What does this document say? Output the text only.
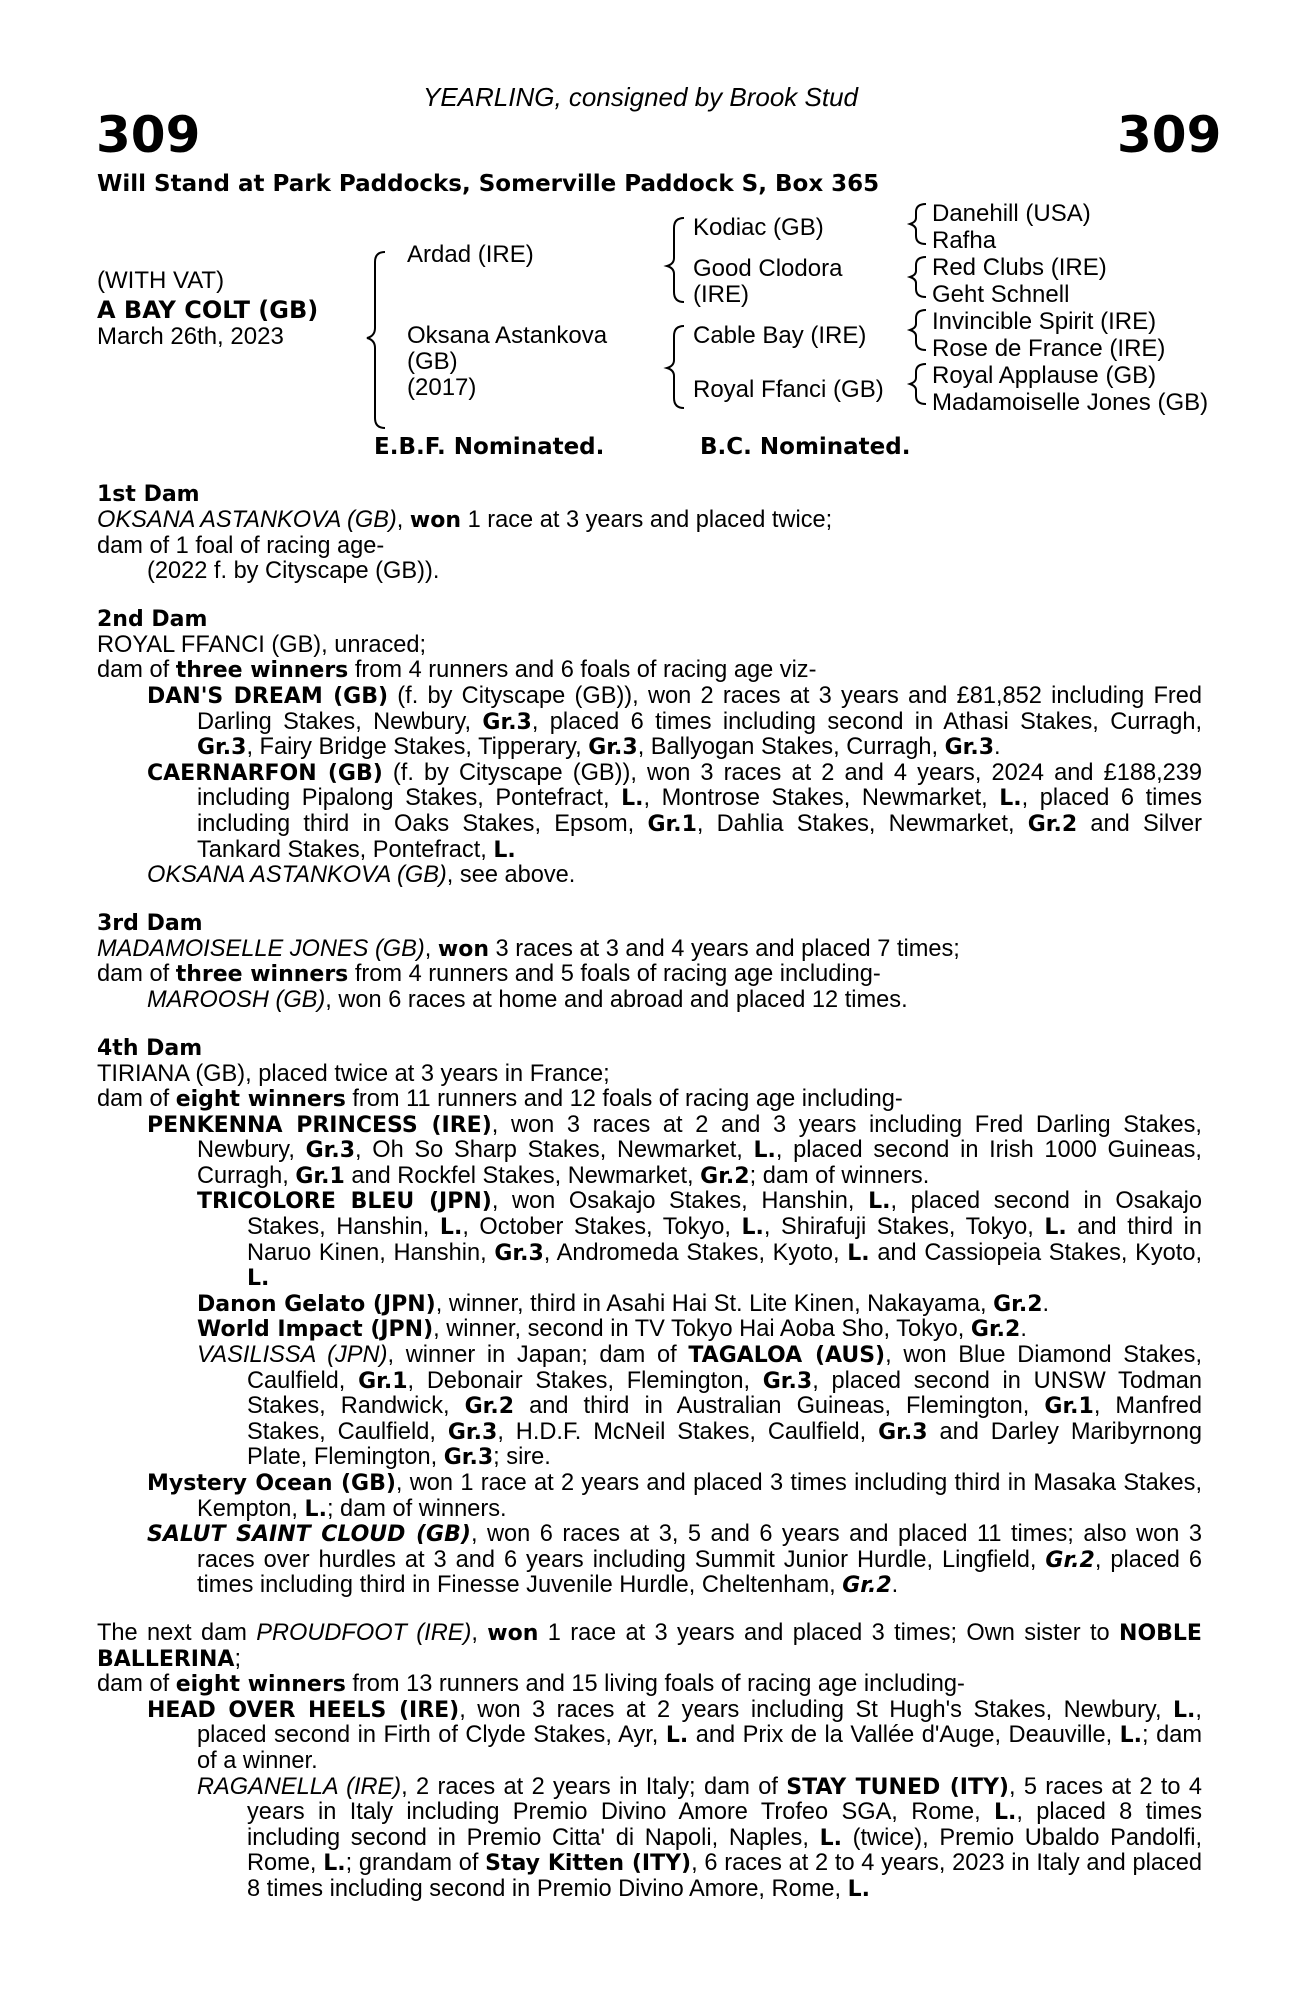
YEARLING, consigned by Brook Stud
309	309
Will Stand at Park Paddocks, Somerville Paddock S, Box 365
(WITH VAT)
A BAY COLT (GB)
March 26th, 2023
Ardad (IRE)
Oksana Astankova
(GB)
(2017)
Kodiac (GB)
Good Clodora
(IRE)
Cable Bay (IRE)
Royal Ffanci (GB)
Danehill (USA)
Rafha
Red Clubs (IRE)
Geht Schnell
Invincible Spirit (IRE)
Rose de France (IRE)
Royal Applause (GB)
Madamoiselle Jones (GB)
E.B.F. Nominated.	B.C. Nominated.
1st Dam
OKSANA ASTANKOVA (GB), won 1 race at 3 years and placed twice;
dam of 1 foal of racing age-
(2022 f. by Cityscape (GB)).
2nd Dam
ROYAL FFANCI (GB), unraced;
dam of three winners from 4 runners and 6 foals of racing age viz-
DAN'S DREAM (GB) (f. by Cityscape (GB)), won 2 races at 3 years and £81,852 including Fred Darling Stakes, Newbury, Gr.3, placed 6 times including second in Athasi Stakes, Curragh, Gr.3, Fairy Bridge Stakes, Tipperary, Gr.3, Ballyogan Stakes, Curragh, Gr.3.
CAERNARFON (GB) (f. by Cityscape (GB)), won 3 races at 2 and 4 years, 2024 and £188,239 including Pipalong Stakes, Pontefract, L., Montrose Stakes, Newmarket, L., placed 6 times including third in Oaks Stakes, Epsom, Gr.1, Dahlia Stakes, Newmarket, Gr.2 and Silver Tankard Stakes, Pontefract, L.
OKSANA ASTANKOVA (GB), see above.
3rd Dam
MADAMOISELLE JONES (GB), won 3 races at 3 and 4 years and placed 7 times;
dam of three winners from 4 runners and 5 foals of racing age including-
MAROOSH (GB), won 6 races at home and abroad and placed 12 times.
4th Dam
TIRIANA (GB), placed twice at 3 years in France;
dam of eight winners from 11 runners and 12 foals of racing age including-
PENKENNA PRINCESS (IRE), won 3 races at 2 and 3 years including Fred Darling Stakes, Newbury, Gr.3, Oh So Sharp Stakes, Newmarket, L., placed second in Irish 1000 Guineas, Curragh, Gr.1 and Rockfel Stakes, Newmarket, Gr.2; dam of winners.
TRICOLORE BLEU (JPN), won Osakajo Stakes, Hanshin, L., placed second in Osakajo Stakes, Hanshin, L., October Stakes, Tokyo, L., Shirafuji Stakes, Tokyo, L. and third in Naruo Kinen, Hanshin, Gr.3, Andromeda Stakes, Kyoto, L. and Cassiopeia Stakes, Kyoto, L.
Danon Gelato (JPN), winner, third in Asahi Hai St. Lite Kinen, Nakayama, Gr.2.
World Impact (JPN), winner, second in TV Tokyo Hai Aoba Sho, Tokyo, Gr.2.
VASILISSA (JPN), winner in Japan; dam of TAGALOA (AUS), won Blue Diamond Stakes, Caulfield, Gr.1, Debonair Stakes, Flemington, Gr.3, placed second in UNSW Todman Stakes, Randwick, Gr.2 and third in Australian Guineas, Flemington, Gr.1, Manfred Stakes, Caulfield, Gr.3, H.D.F. McNeil Stakes, Caulfield, Gr.3 and Darley Maribyrnong Plate, Flemington, Gr.3; sire.
Mystery Ocean (GB), won 1 race at 2 years and placed 3 times including third in Masaka Stakes, Kempton, L.; dam of winners.
SALUT SAINT CLOUD (GB), won 6 races at 3, 5 and 6 years and placed 11 times; also won 3 races over hurdles at 3 and 6 years including Summit Junior Hurdle, Lingfield, Gr.2, placed 6 times including third in Finesse Juvenile Hurdle, Cheltenham, Gr.2.
The next dam PROUDFOOT (IRE), won 1 race at 3 years and placed 3 times; Own sister to NOBLE BALLERINA;
dam of eight winners from 13 runners and 15 living foals of racing age including-
HEAD OVER HEELS (IRE), won 3 races at 2 years including St Hugh's Stakes, Newbury, L., placed second in Firth of Clyde Stakes, Ayr, L. and Prix de la Vallée d'Auge, Deauville, L.; dam of a winner.
RAGANELLA (IRE), 2 races at 2 years in Italy; dam of STAY TUNED (ITY), 5 races at 2 to 4 years in Italy including Premio Divino Amore Trofeo SGA, Rome, L., placed 8 times including second in Premio Citta' di Napoli, Naples, L. (twice), Premio Ubaldo Pandolfi, Rome, L.; grandam of Stay Kitten (ITY), 6 races at 2 to 4 years, 2023 in Italy and placed 8 times including second in Premio Divino Amore, Rome, L.
